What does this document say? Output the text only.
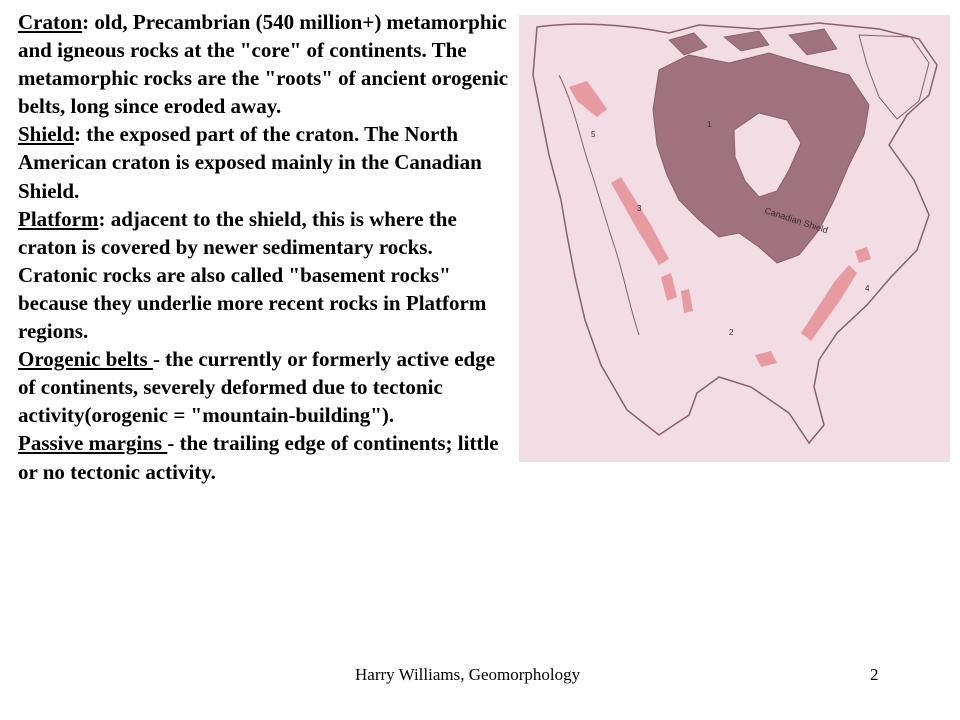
Craton: old, Precambrian (540 million+) metamorphic and igneous rocks at the "core" of continents. The metamorphic rocks are the "roots" of ancient orogenic belts, long since eroded away.

Shield: the exposed part of the craton. The North American craton is exposed mainly in the Canadian Shield.

Platform: adjacent to the shield, this is where the craton is covered by newer sedimentary rocks. Cratonic rocks are also called "basement rocks" because they underlie more recent rocks in Platform regions.

Orogenic belts - the currently or formerly active edge of continents, severely deformed due to tectonic activity(orogenic = "mountain-building").

Passive margins - the trailing edge of continents; little or no tectonic activity.

Canadian Shield
1
2
3
4
5
Harry Williams, Geomorphology	2
